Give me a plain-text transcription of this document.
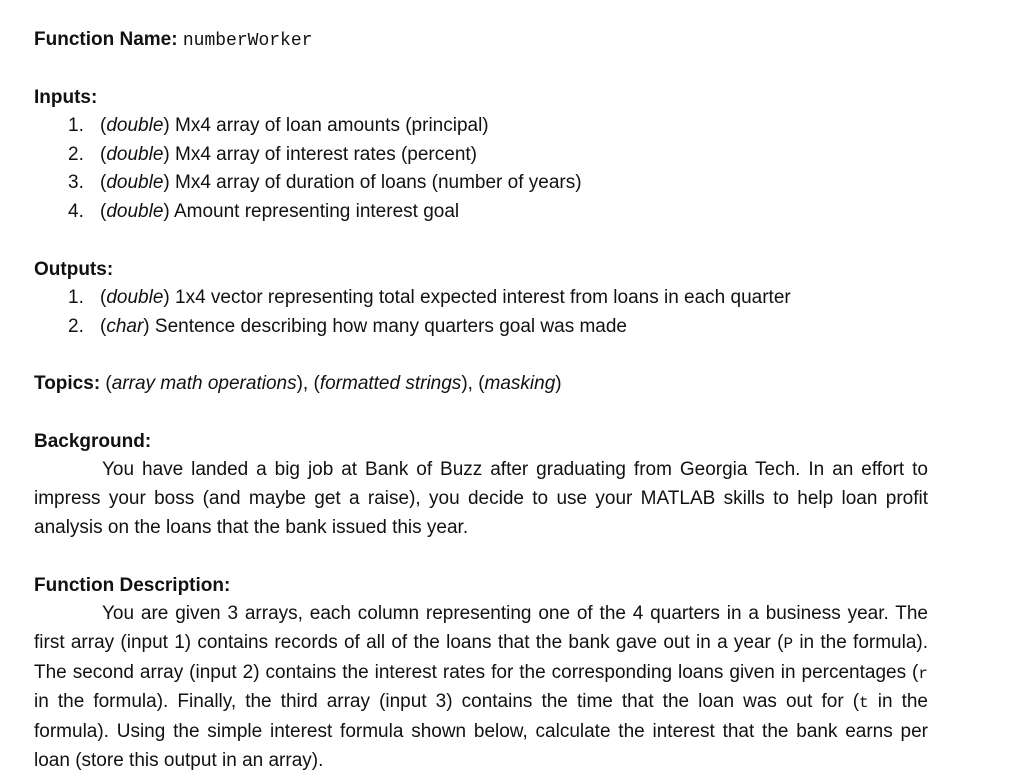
Function Name: numberWorker
Inputs:
1. (double) Mx4 array of loan amounts (principal)
2. (double) Mx4 array of interest rates (percent)
3. (double) Mx4 array of duration of loans (number of years)
4. (double) Amount representing interest goal
Outputs:
1. (double) 1x4 vector representing total expected interest from loans in each quarter
2. (char) Sentence describing how many quarters goal was made
Topics: (array math operations), (formatted strings), (masking)
Background:
You have landed a big job at Bank of Buzz after graduating from Georgia Tech. In an effort to impress your boss (and maybe get a raise), you decide to use your MATLAB skills to help loan profit analysis on the loans that the bank issued this year.
Function Description:
You are given 3 arrays, each column representing one of the 4 quarters in a business year. The first array (input 1) contains records of all of the loans that the bank gave out in a year (P in the formula). The second array (input 2) contains the interest rates for the corresponding loans given in percentages (r in the formula). Finally, the third array (input 3) contains the time that the loan was out for (t in the formula). Using the simple interest formula shown below, calculate the interest that the bank earns per loan (store this output in an array).
